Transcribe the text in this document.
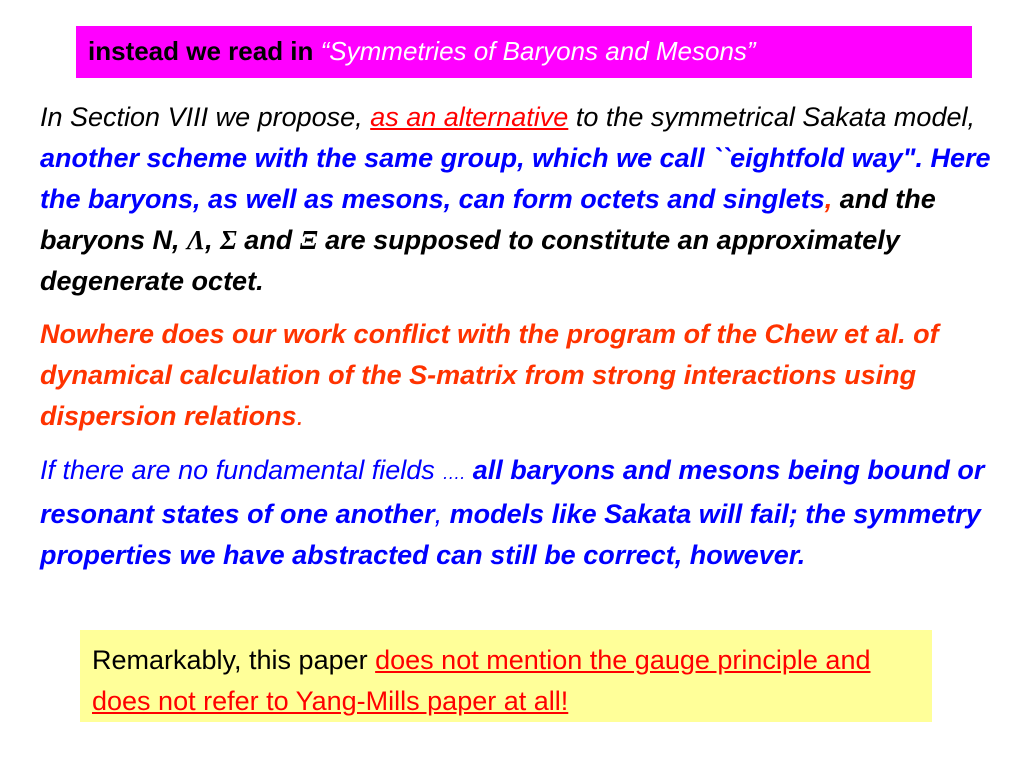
instead we read in “Symmetries of Baryons and Mesons”
In Section VIII we propose, as an alternative to the symmetrical Sakata model, another scheme with the same group, which we call ``eightfold way". Here the baryons, as well as mesons, can form octets and singlets, and the baryons N, Λ, Σ and Ξ are supposed to constitute an approximately degenerate octet.
Nowhere does our work conflict with the program of the Chew et al. of dynamical calculation of the S-matrix from strong interactions using dispersion relations.
If there are no fundamental fields …. all baryons and mesons being bound or resonant states of one another, models like Sakata will fail; the symmetry properties we have abstracted can still be correct, however.
Remarkably, this paper does not mention the gauge principle and does not refer to Yang-Mills paper at all!
